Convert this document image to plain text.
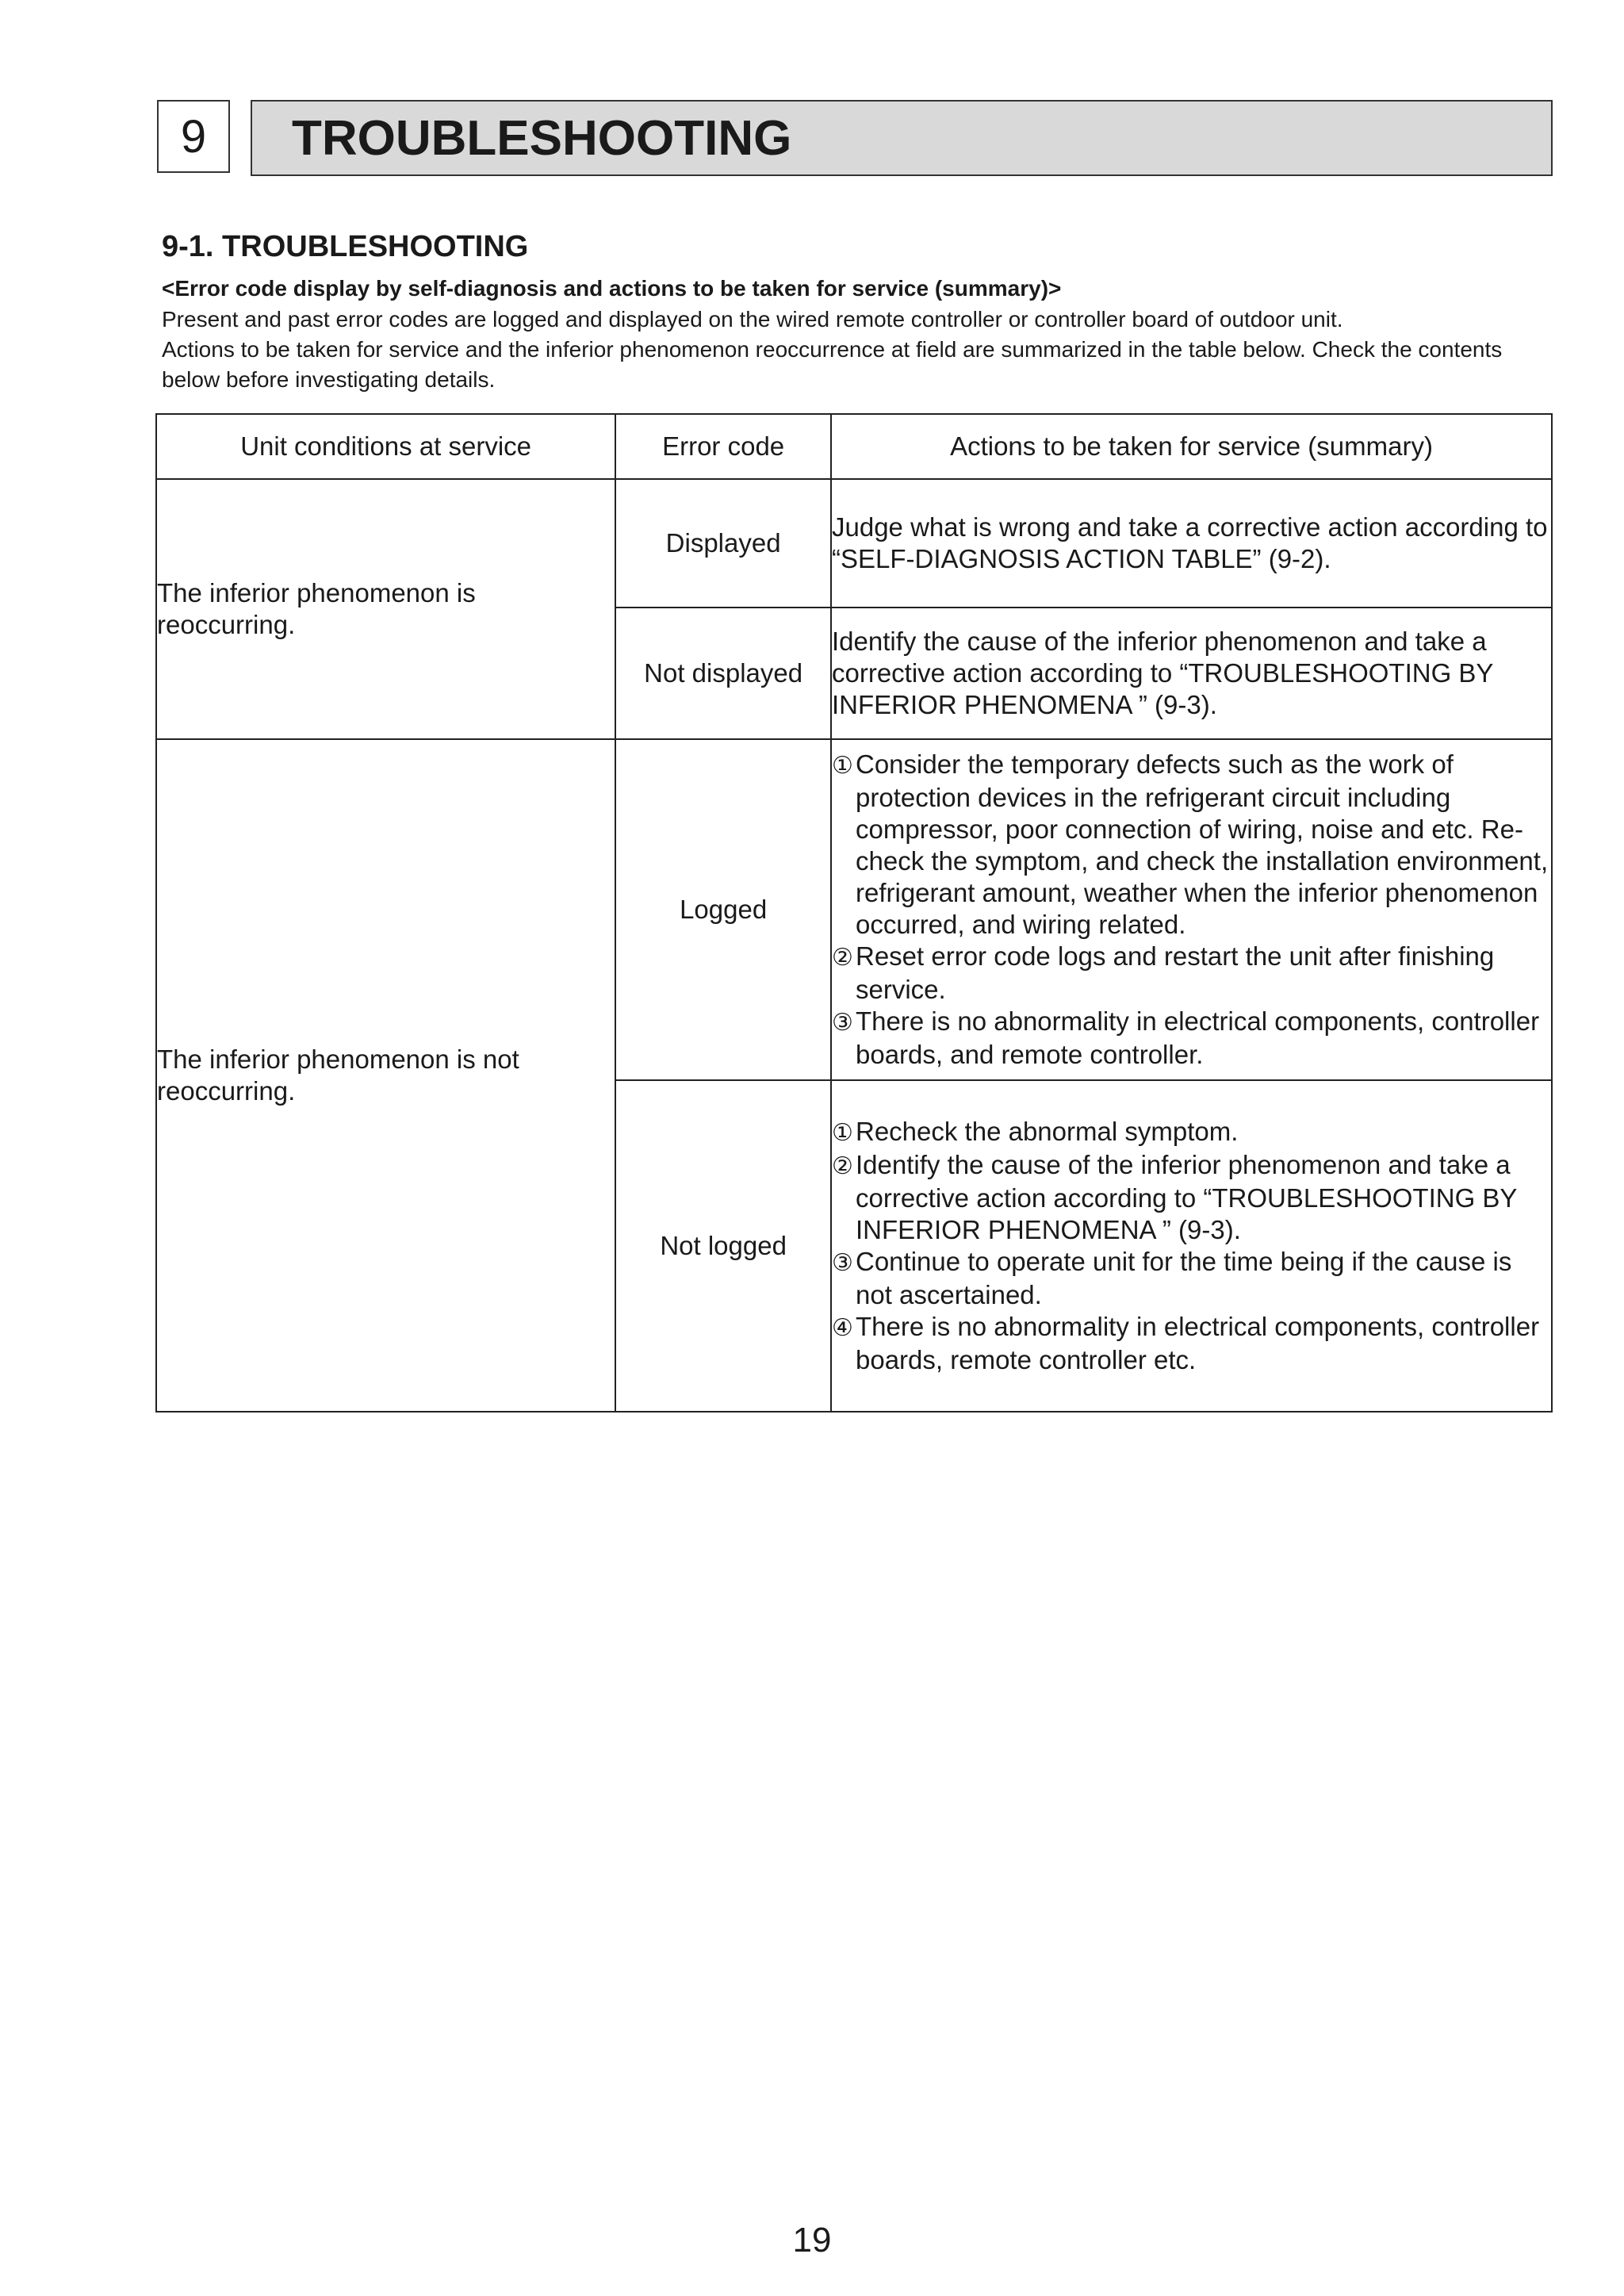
9	TROUBLESHOOTING
9-1. TROUBLESHOOTING
<Error code display by self-diagnosis and actions to be taken for service (summary)>

Present and past error codes are logged and displayed on the wired remote controller or controller board of outdoor unit.

Actions to be taken for service and the inferior phenomenon reoccurrence at field are summarized in the table below. Check the contents below before investigating details.

Unit conditions at service	Error code	Actions to be taken for service (summary)
The inferior phenomenon is reoccurring.	Displayed	Judge what is wrong and take a corrective action according to “SELF-DIAGNOSIS ACTION TABLE” (9-2).
	Not displayed	Identify the cause of the inferior phenomenon and take a corrective action according to “TROUBLESHOOTING BY INFERIOR PHENOMENA ” (9-3).
The inferior phenomenon is not reoccurring.	Logged	①Consider the temporary defects such as the work of protection devices in the refrigerant circuit including compressor, poor connection of wiring, noise and etc. Re-check the symptom, and check the installation environment, refrigerant amount, weather when the inferior phenomenon occurred, and wiring related.
②Reset error code logs and restart the unit after finishing service.
③There is no abnormality in electrical components, controller boards, and remote controller.

	Not logged	①Recheck the abnormal symptom.
②Identify the cause of the inferior phenomenon and take a corrective action according to “TROUBLESHOOTING BY INFERIOR PHENOMENA ” (9-3).
③Continue to operate unit for the time being if the cause is not ascertained.
④There is no abnormality in electrical components, controller boards, remote controller etc.
19
